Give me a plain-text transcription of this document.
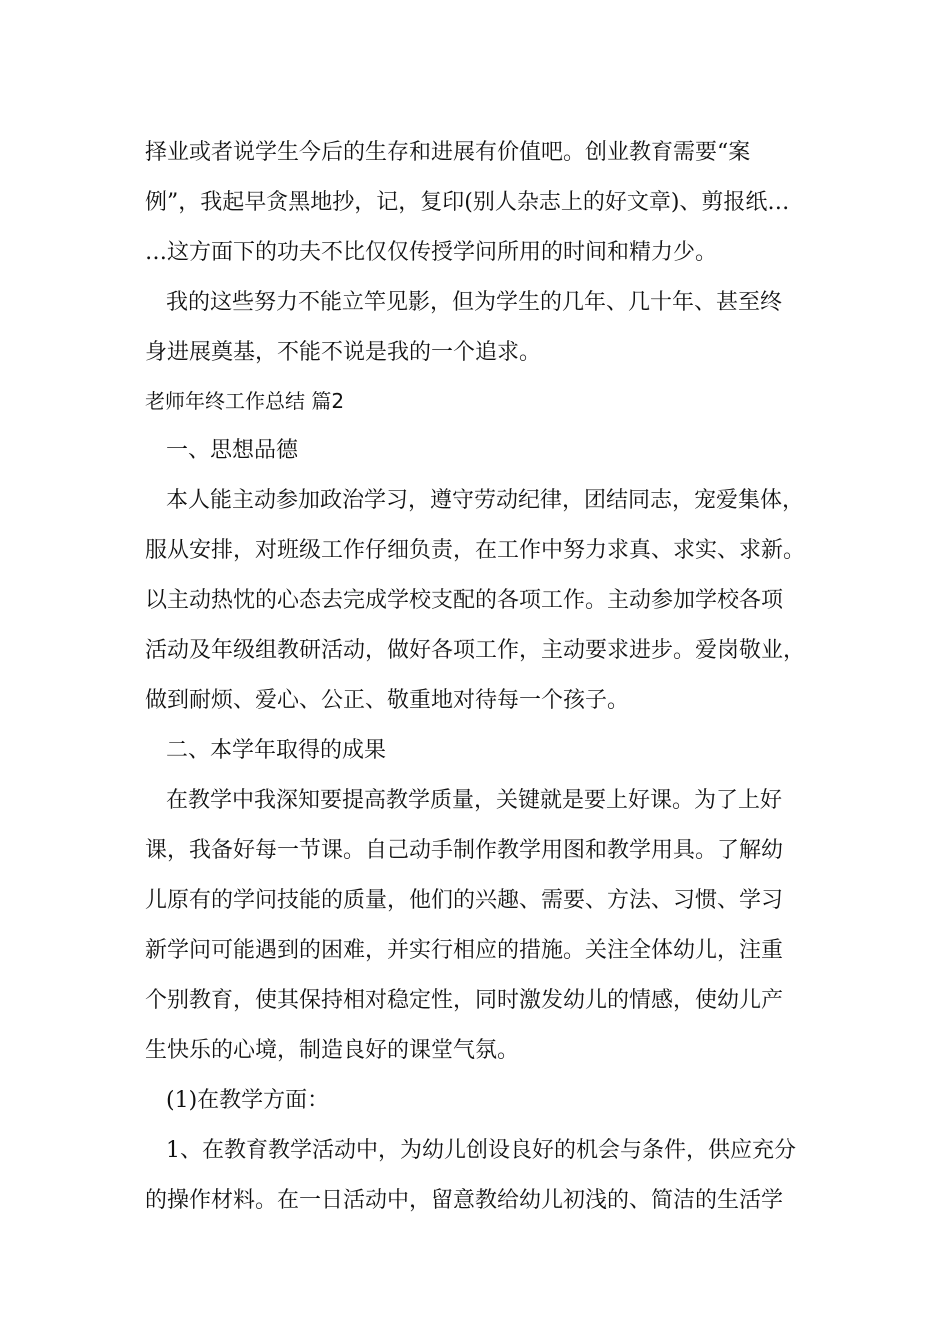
择业或者说学生今后的生存和进展有价值吧。创业教育需要“案
例”，我起早贪黑地抄，记，复印(别人杂志上的好文章)、剪报纸…
…这方面下的功夫不比仅仅传授学问所用的时间和精力少。
我的这些努力不能立竿见影，但为学生的几年、几十年、甚至终
身进展奠基，不能不说是我的一个追求。
老师年终工作总结 篇2
一、思想品德
本人能主动参加政治学习，遵守劳动纪律，团结同志，宠爱集体，
服从安排，对班级工作仔细负责，在工作中努力求真、求实、求新。
以主动热忱的心态去完成学校支配的各项工作。主动参加学校各项
活动及年级组教研活动，做好各项工作，主动要求进步。爱岗敬业，
做到耐烦、爱心、公正、敬重地对待每一个孩子。
二、本学年取得的成果
在教学中我深知要提高教学质量，关键就是要上好课。为了上好
课，我备好每一节课。自己动手制作教学用图和教学用具。了解幼
儿原有的学问技能的质量，他们的兴趣、需要、方法、习惯、学习
新学问可能遇到的困难，并实行相应的措施。关注全体幼儿，注重
个别教育，使其保持相对稳定性，同时激发幼儿的情感，使幼儿产
生快乐的心境，制造良好的课堂气氛。
(1)在教学方面：
1、在教育教学活动中，为幼儿创设良好的机会与条件，供应充分
的操作材料。在一日活动中，留意教给幼儿初浅的、简洁的生活学
